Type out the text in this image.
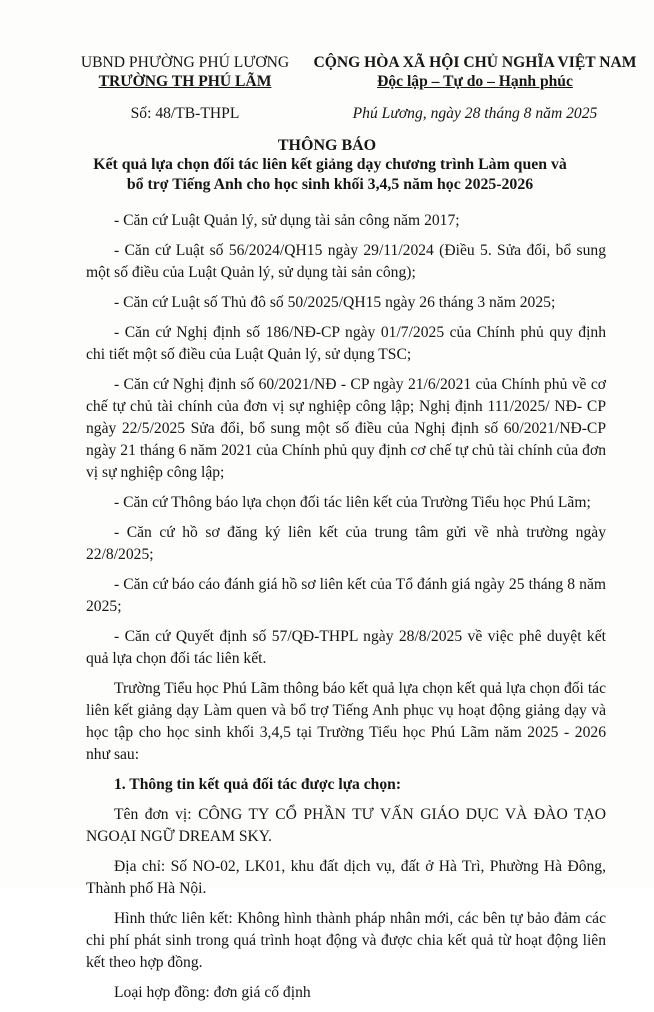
UBND PHƯỜNG PHÚ LƯƠNG	CỘNG HÒA XÃ HỘI CHỦ NGHĨA VIỆT NAM
TRƯỜNG TH PHÚ LÃM	Độc lập – Tự do – Hạnh phúc
Số: 48/TB-THPL	Phú Lương, ngày 28 tháng 8 năm 2025
THÔNG BÁO
Kết quả lựa chọn đối tác liên kết giảng dạy chương trình Làm quen và bổ trợ Tiếng Anh cho học sinh khối 3,4,5 năm học 2025-2026

- Căn cứ Luật Quản lý, sử dụng tài sản công năm 2017;

- Căn cứ Luật số 56/2024/QH15 ngày 29/11/2024 (Điều 5. Sửa đổi, bổ sung một số điều của Luật Quản lý, sử dụng tài sản công);

- Căn cứ Luật số Thủ đô số 50/2025/QH15 ngày 26 tháng 3 năm 2025;

- Căn cứ Nghị định số 186/NĐ-CP ngày 01/7/2025 của Chính phủ quy định chi tiết một số điều của Luật Quản lý, sử dụng TSC;

- Căn cứ Nghị định số 60/2021/NĐ - CP ngày 21/6/2021 của Chính phủ về cơ chế tự chủ tài chính của đơn vị sự nghiệp công lập; Nghị định 111/2025/ NĐ- CP ngày 22/5/2025 Sửa đổi, bổ sung một số điều của Nghị định số 60/2021/NĐ-CP ngày 21 tháng 6 năm 2021 của Chính phủ quy định cơ chế tự chủ tài chính của đơn vị sự nghiệp công lập;

- Căn cứ Thông báo lựa chọn đối tác liên kết của Trường Tiểu học Phú Lãm;

- Căn cứ hồ sơ đăng ký liên kết của trung tâm gửi về nhà trường ngày 22/8/2025;

- Căn cứ báo cáo đánh giá hồ sơ liên kết của Tổ đánh giá ngày 25 tháng 8 năm 2025;

- Căn cứ Quyết định số 57/QĐ-THPL ngày 28/8/2025 về việc phê duyệt kết quả lựa chọn đối tác liên kết.

Trường Tiểu học Phú Lãm thông báo kết quả lựa chọn kết quả lựa chọn đối tác liên kết giảng dạy Làm quen và bổ trợ Tiếng Anh phục vụ hoạt động giảng dạy và học tập cho học sinh khối 3,4,5 tại Trường Tiểu học Phú Lãm năm 2025 - 2026 như sau:

1. Thông tin kết quả đối tác được lựa chọn:

Tên đơn vị: CÔNG TY CỔ PHẦN TƯ VẤN GIÁO DỤC VÀ ĐÀO TẠO NGOẠI NGỮ DREAM SKY.

Địa chỉ: Số NO-02, LK01, khu đất dịch vụ, đất ở Hà Trì, Phường Hà Đông, Thành phố Hà Nội.

Hình thức liên kết: Không hình thành pháp nhân mới, các bên tự bảo đảm các chi phí phát sinh trong quá trình hoạt động và được chia kết quả từ hoạt động liên kết theo hợp đồng.

Loại hợp đồng: đơn giá cố định
